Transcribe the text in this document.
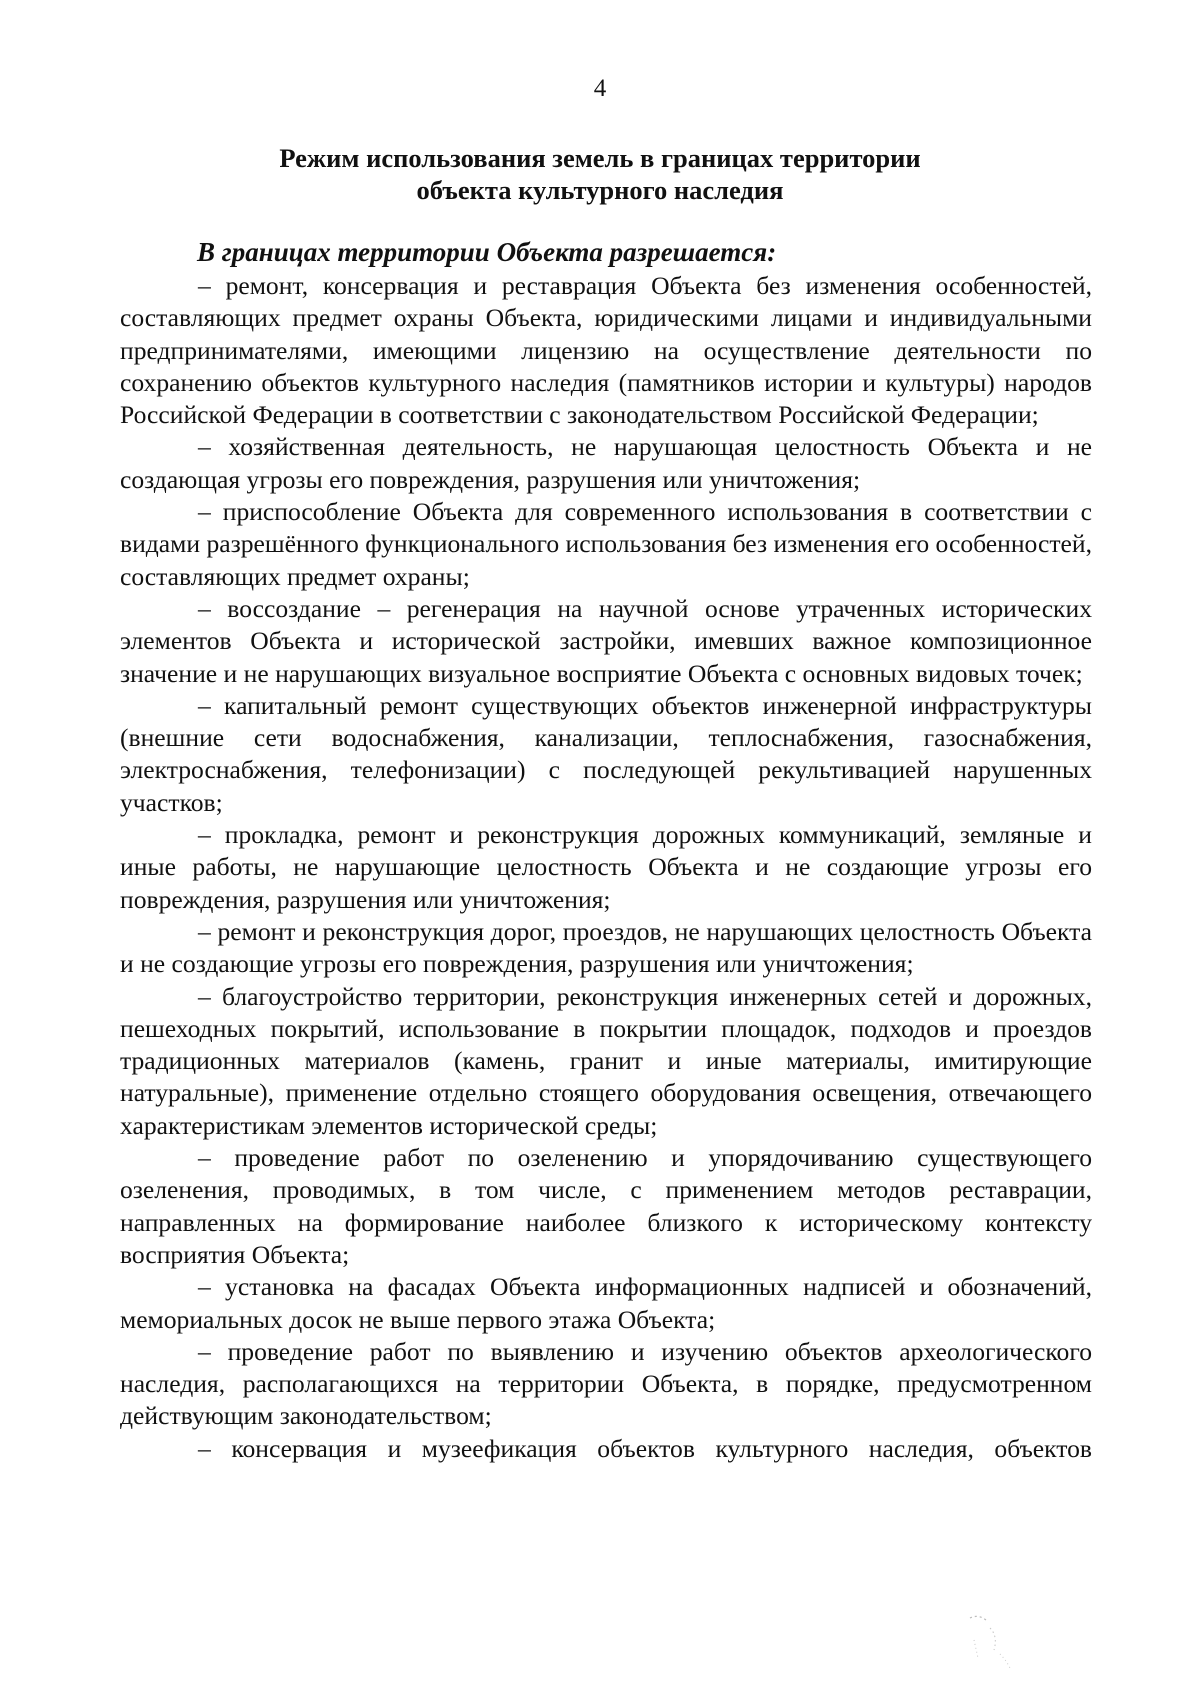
4
Режим использования земель в границах территории
объекта культурного наследия
В границах территории Объекта разрешается:

– ремонт, консервация и реставрация Объекта без изменения особенностей, составляющих предмет охраны Объекта, юридическими лицами и индивидуальными предпринимателями, имеющими лицензию на осуществление деятельности по сохранению объектов культурного наследия (памятников истории и культуры) народов Российской Федерации в соответствии с законодательством Российской Федерации;

– хозяйственная деятельность, не нарушающая целостность Объекта и не создающая угрозы его повреждения, разрушения или уничтожения;

– приспособление Объекта для современного использования в соответствии с видами разрешённого функционального использования без изменения его особенностей, составляющих предмет охраны;

– воссоздание – регенерация на научной основе утраченных исторических элементов Объекта и исторической застройки, имевших важное композиционное значение и не нарушающих визуальное восприятие Объекта с основных видовых точек;

– капитальный ремонт существующих объектов инженерной инфраструктуры (внешние сети водоснабжения, канализации, теплоснабжения, газоснабжения, электроснабжения, телефонизации) с последующей рекультивацией нарушенных участков;

– прокладка, ремонт и реконструкция дорожных коммуникаций, земляные и иные работы, не нарушающие целостность Объекта и не создающие угрозы его повреждения, разрушения или уничтожения;

– ремонт и реконструкция дорог, проездов, не нарушающих целостность Объекта и не создающие угрозы его повреждения, разрушения или уничтожения;

– благоустройство территории, реконструкция инженерных сетей и дорожных, пешеходных покрытий, использование в покрытии площадок, подходов и проездов традиционных материалов (камень, гранит и иные материалы, имитирующие натуральные), применение отдельно стоящего оборудования освещения, отвечающего характеристикам элементов исторической среды;

– проведение работ по озеленению и упорядочиванию существующего озеленения, проводимых, в том числе, с применением методов реставрации, направленных на формирование наиболее близкого к историческому контексту восприятия Объекта;

– установка на фасадах Объекта информационных надписей и обозначений, мемориальных досок не выше первого этажа Объекта;

– проведение работ по выявлению и изучению объектов археологического наследия, располагающихся на территории Объекта, в порядке, предусмотренном действующим законодательством;

– консервация и музеефикация объектов культурного наследия, объектов
